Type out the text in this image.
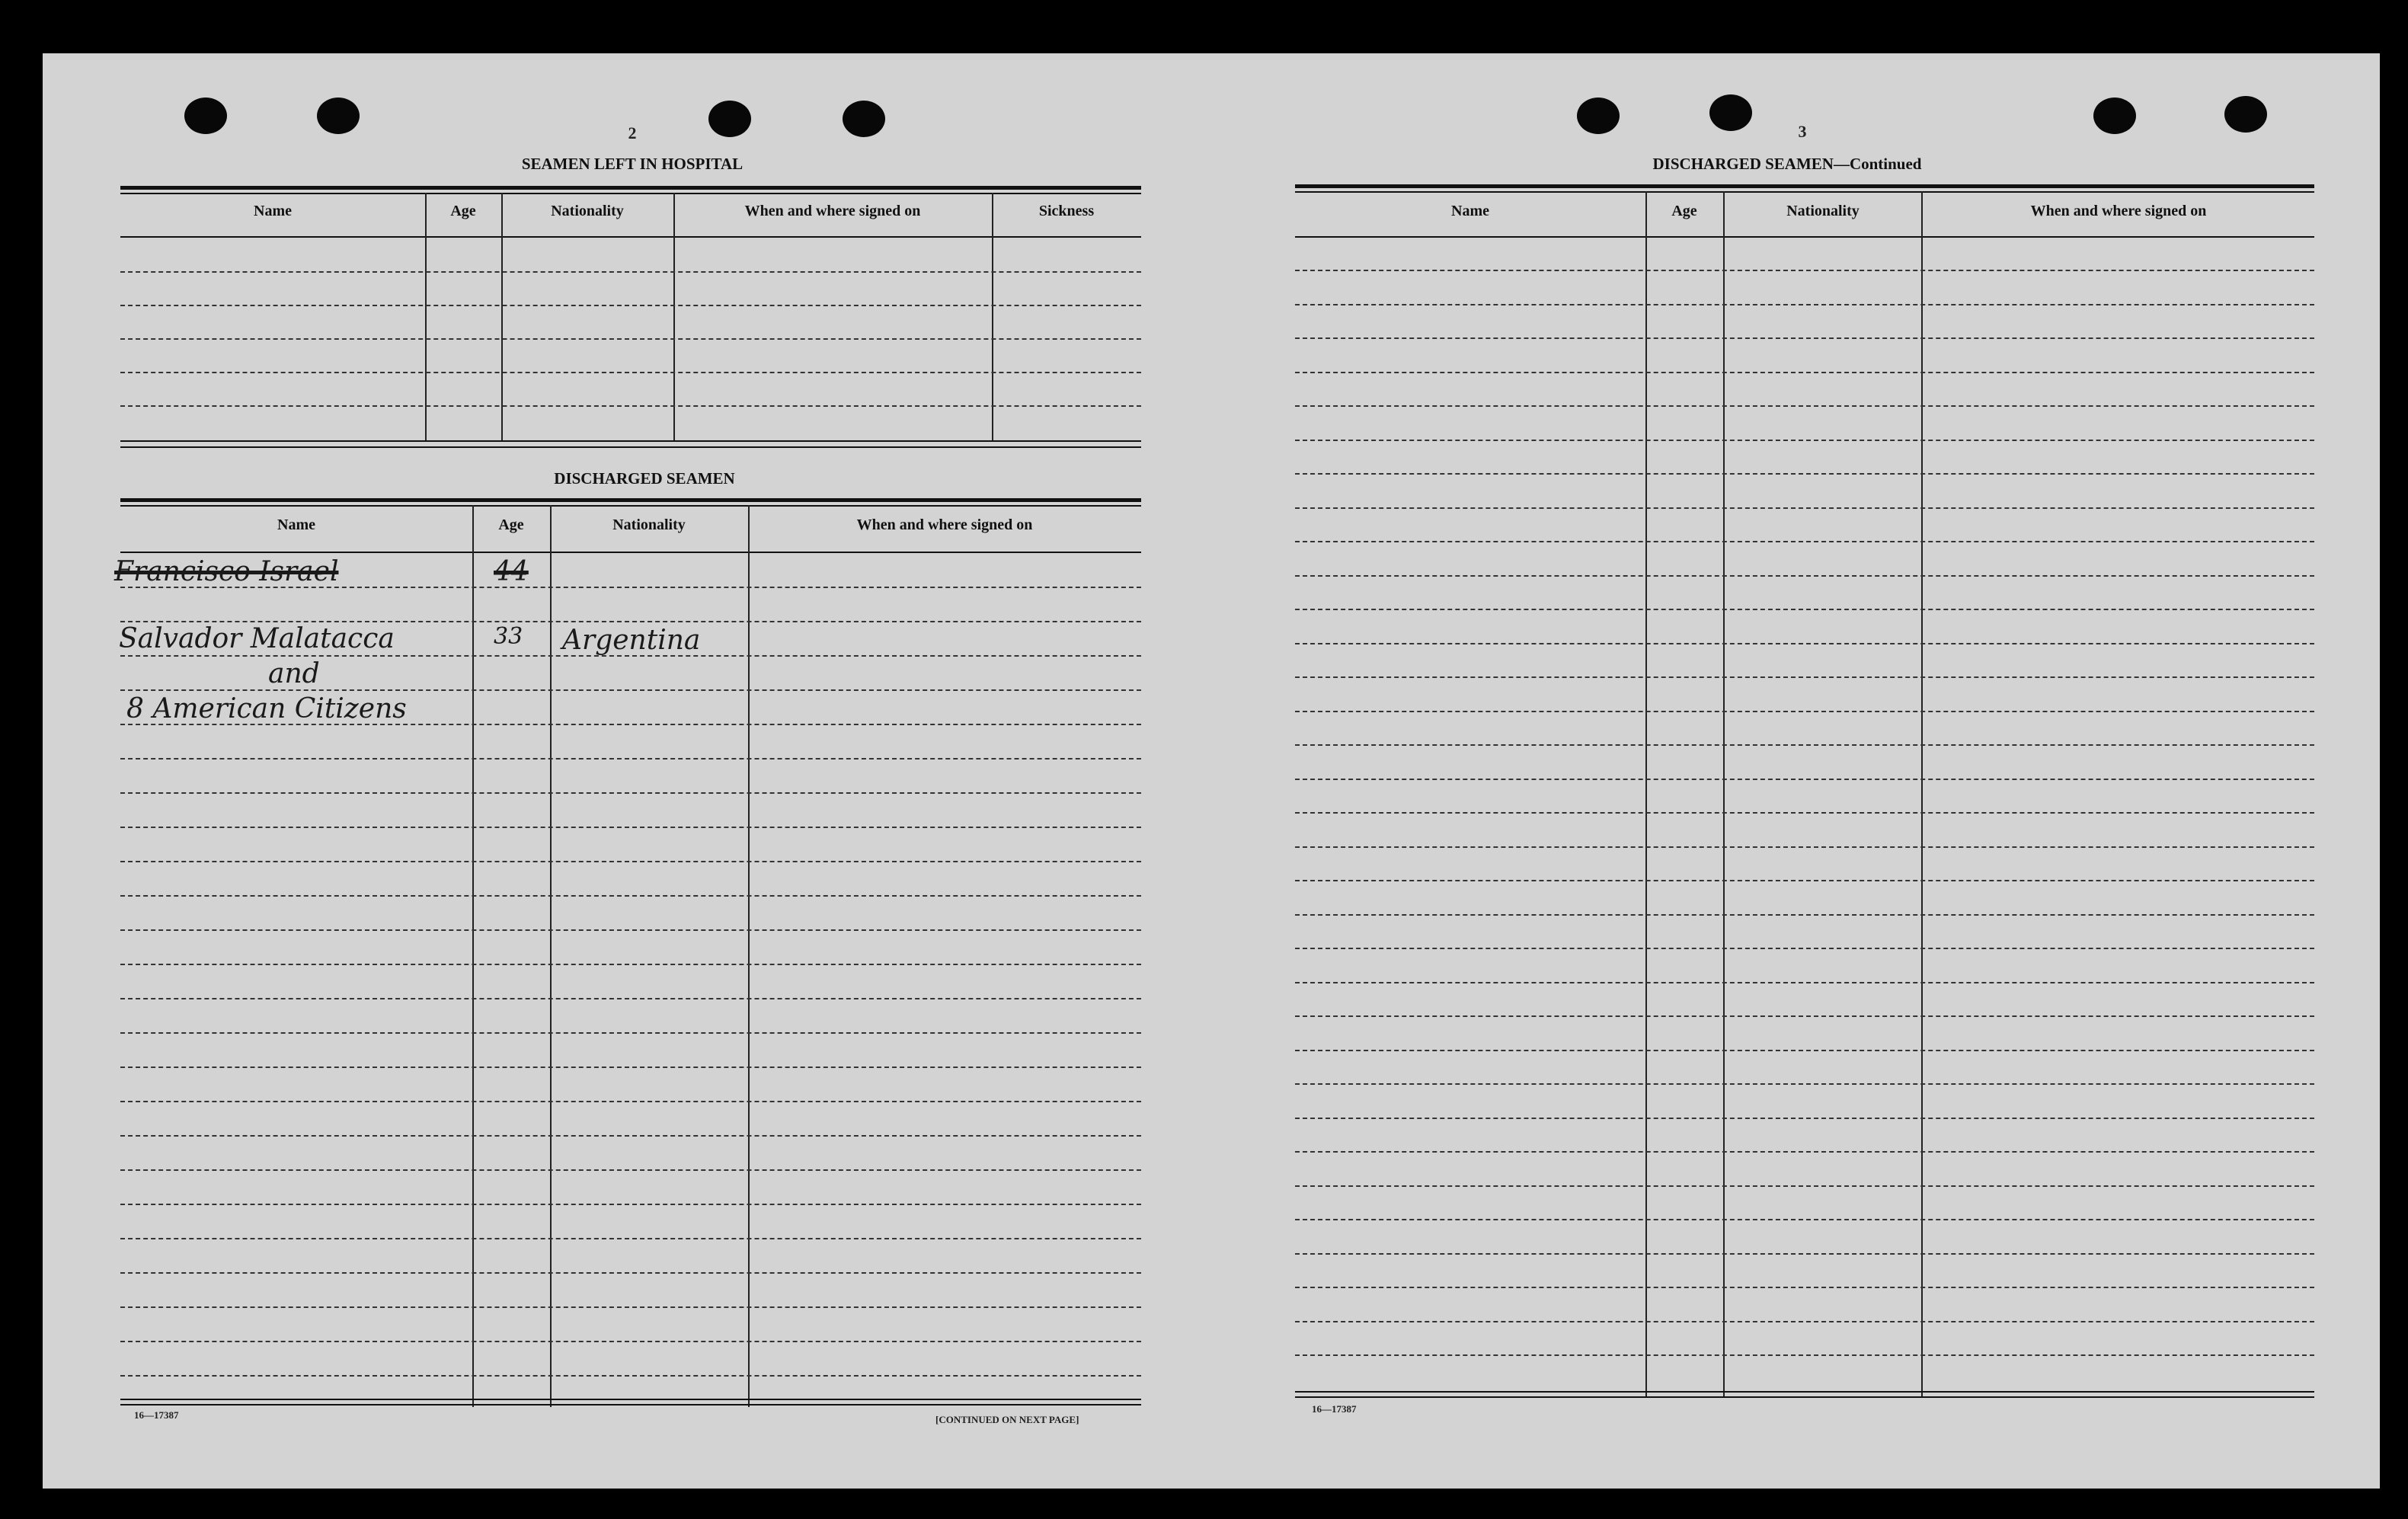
2
SEAMEN LEFT IN HOSPITAL
Name	Age	Nationality	When and where signed on	Sickness
DISCHARGED SEAMEN
Name	Age	Nationality	When and where signed on
Francisco Israel	44
Salvador Malatacca	33 Argentina
and
8 American Citizens
16—17387	[CONTINUED ON NEXT PAGE]
3
DISCHARGED SEAMEN—Continued
Name	Age	Nationality	When and where signed on
16—17387
